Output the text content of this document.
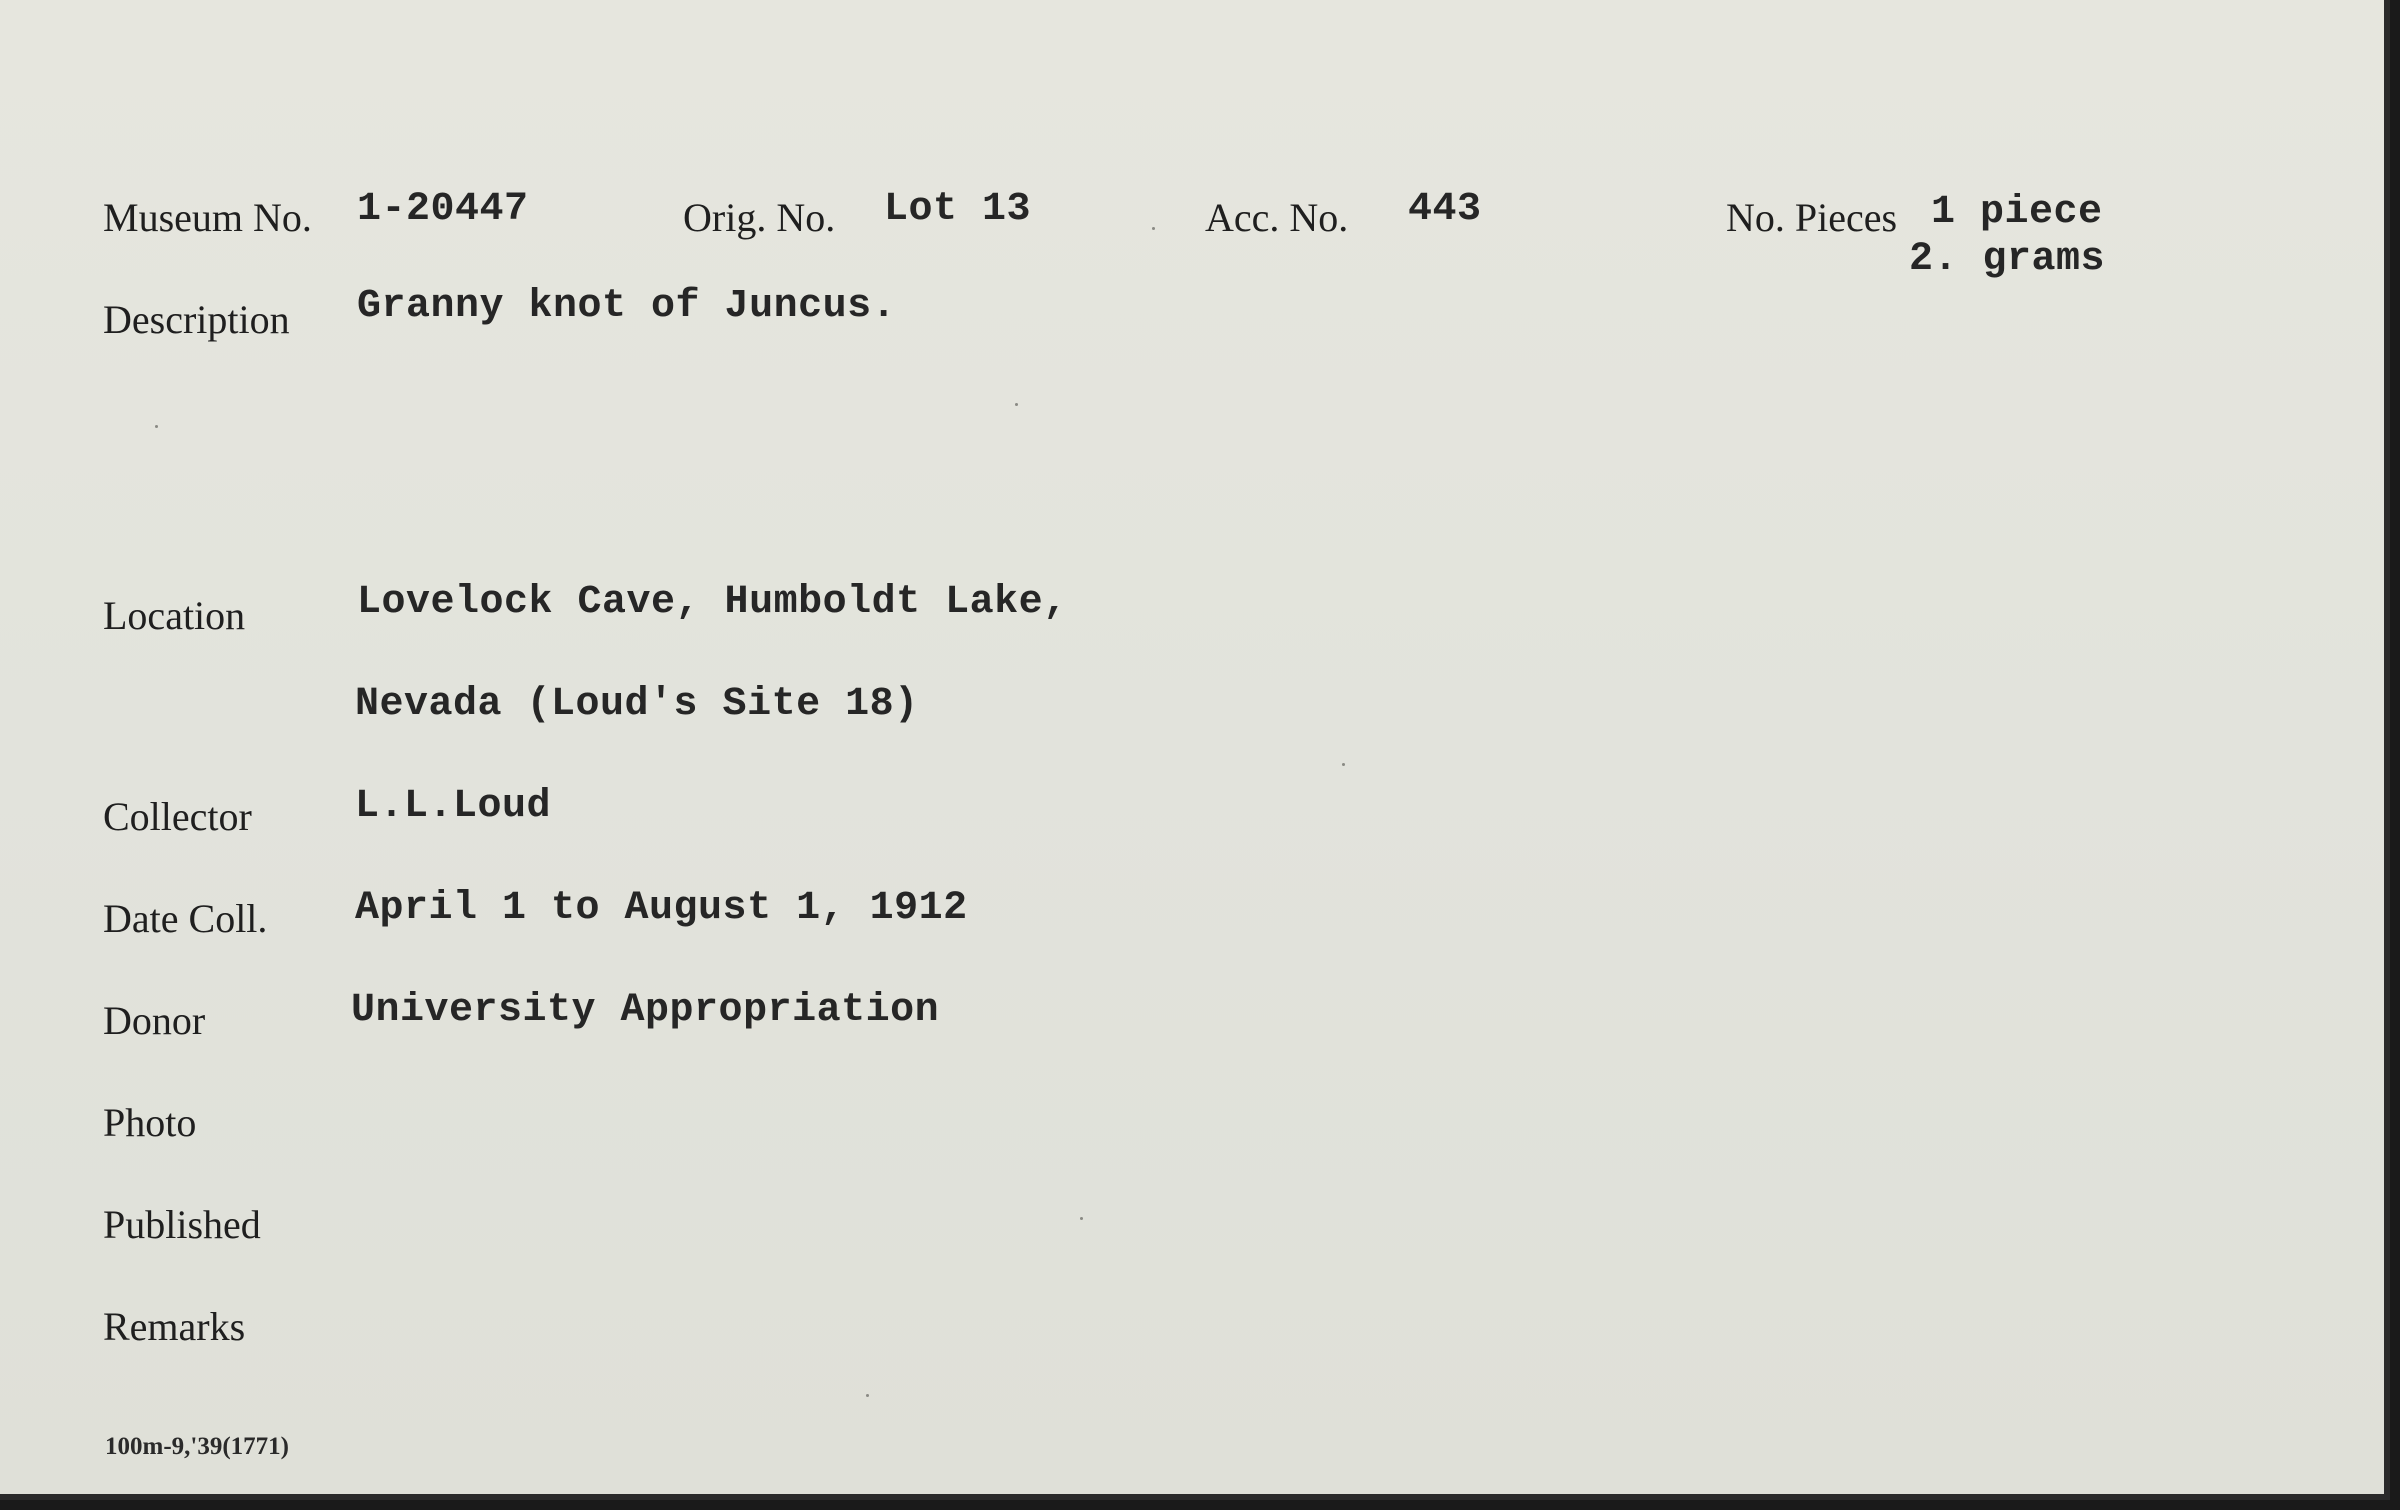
Museum No. 1-20447	Orig. No. Lot 13	Acc. No. 443	No. Pieces 1 piece
2. grams
Description Granny knot of Juncus.
Location	Lovelock Cave, Humboldt Lake,
Nevada (Loud's Site 18)
Collector	L.L.Loud
Date Coll. April 1 to August 1, 1912
Donor	University Appropriation
Photo
Published
Remarks
100m-9,'39(1771)
